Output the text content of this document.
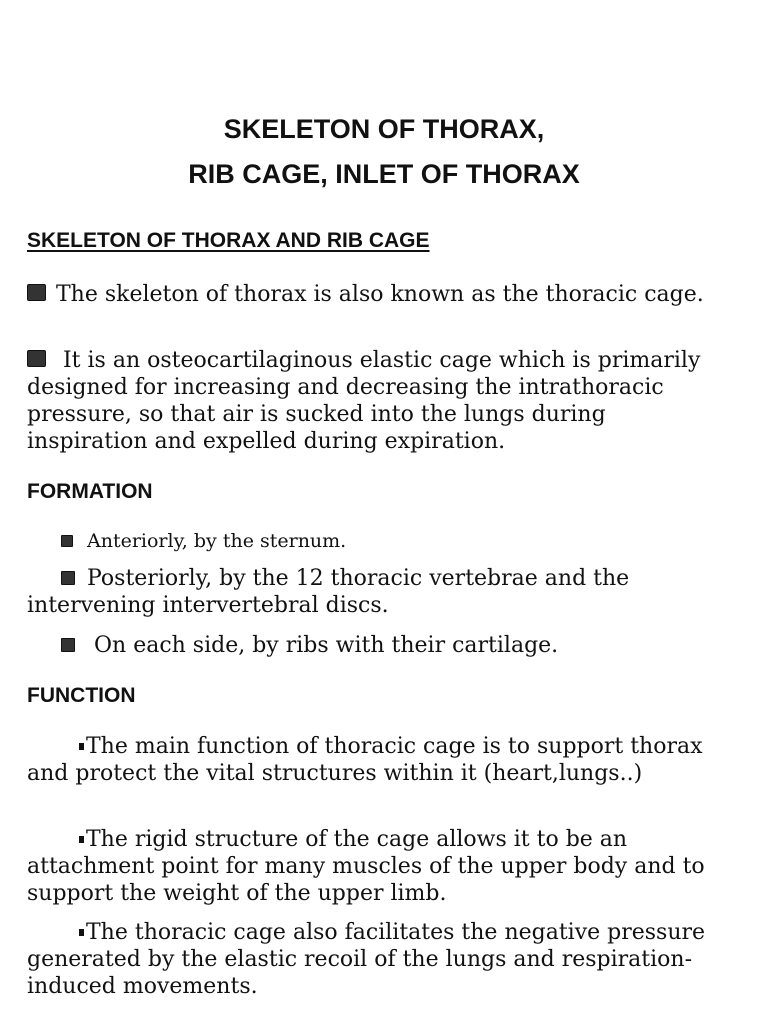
SKELETON OF THORAX,
RIB CAGE, INLET OF THORAX
SKELETON OF THORAX AND RIB CAGE

The skeleton of thorax is also known as the thoracic cage.

It is an osteocartilaginous elastic cage which is primarily designed for increasing and decreasing the intrathoracic pressure, so that air is sucked into the lungs during inspiration and expelled during expiration.

FORMATION

Anteriorly, by the sternum.

Posteriorly, by the 12 thoracic vertebrae and the intervening intervertebral discs.

On each side, by ribs with their cartilage.

FUNCTION

The main function of thoracic cage is to support thorax and protect the vital structures within it (heart,lungs..)

The rigid structure of the cage allows it to be an attachment point for many muscles of the upper body and to support the weight of the upper limb.

The thoracic cage also facilitates the negative pressure generated by the elastic recoil of the lungs and respiration- induced movements.
